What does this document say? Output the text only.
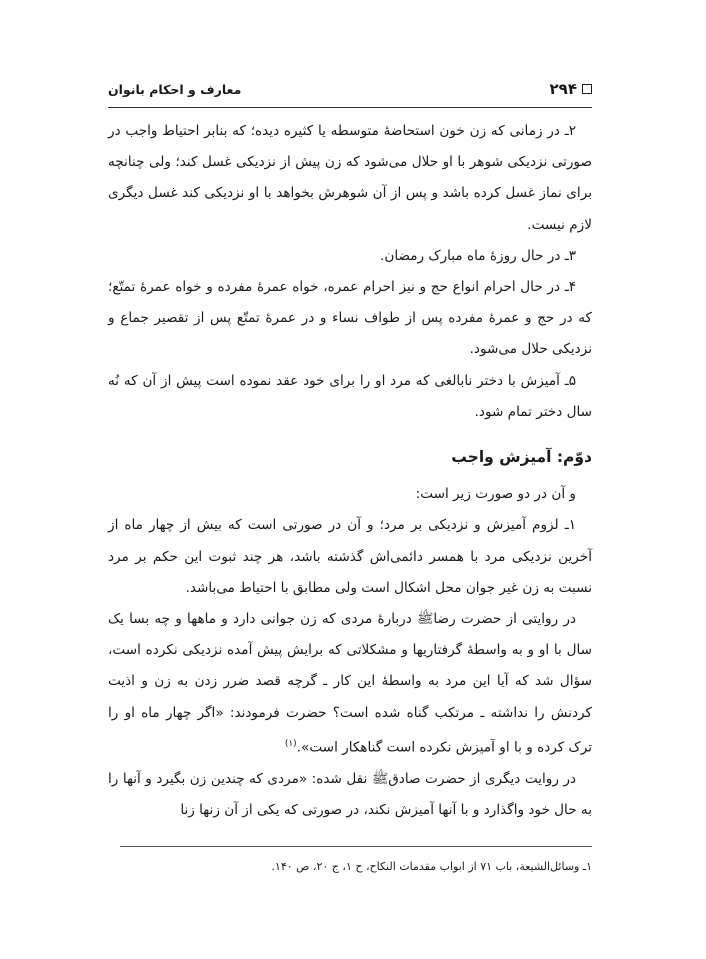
۲۹۴
معارف و احکام بانوان

۲ـ در زمانی که زن خون استحاضهٔ متوسطه یا کثیره دیده؛ که بنابر احتیاط واجب در صورتی نزدیکی شوهر با او حلال می‌شود که زن پیش از نزدیکی غسل کند؛ ولی چنانچه برای نماز غسل کرده باشد و پس از آن شوهرش بخواهد با او نزدیکی کند غسل دیگری لازم نیست.

۳ـ در حال روزهٔ ماه مبارک رمضان.

۴ـ در حال احرام انواع حج و نیز احرام عمره، خواه عمرهٔ مفرده و خواه عمرهٔ تمتّع؛ که در حج و عمرهٔ مفرده پس از طواف نساء و در عمرهٔ تمتّع پس از تقصیر جماع و نزدیکی حلال می‌شود.

۵ـ آمیزش با دختر نابالغی که مرد او را برای خود عقد نموده است پیش از آن که نُه سال دختر تمام شود.

دوّم: آمیزش واجب

و آن در دو صورت زیر است:

۱ـ لزوم آمیزش و نزدیکی بر مرد؛ و آن در صورتی است که بیش از چهار ماه از آخرین نزدیکی مرد با همسر دائمی‌اش گذشته باشد، هر چند ثبوت این حکم بر مرد نسبت به زن غیر جوان محل اشکال است ولی مطابق با احتیاط می‌باشد.

در روایتی از حضرت رضاﷺ دربارهٔ مردی که زن جوانی دارد و ماهها و چه بسا یک سال با او و به واسطهٔ گرفتاریها و مشکلاتی که برایش پیش آمده نزدیکی نکرده است، سؤال شد که آیا این مرد به واسطهٔ این کار ـ گرچه قصد ضرر زدن به زن و اذیت کردنش را نداشته ـ مرتکب گناه شده است؟ حضرت فرمودند: «اگر چهار ماه او را ترک کرده و با او آمیزش نکرده است گناهکار است».$^{(۱)}$

در روایت دیگری از حضرت صادقﷺ نقل شده: «مردی که چندین زن بگیرد و آنها را به حال خود واگذارد و با آنها آمیزش نکند، در صورتی که یکی از آن زنها زنا

۱ـ وسائل‌الشیعة، باب ۷۱ از ابواب مقدمات النکاح، ح ۱، ج ۲۰، ص ۱۴۰.
